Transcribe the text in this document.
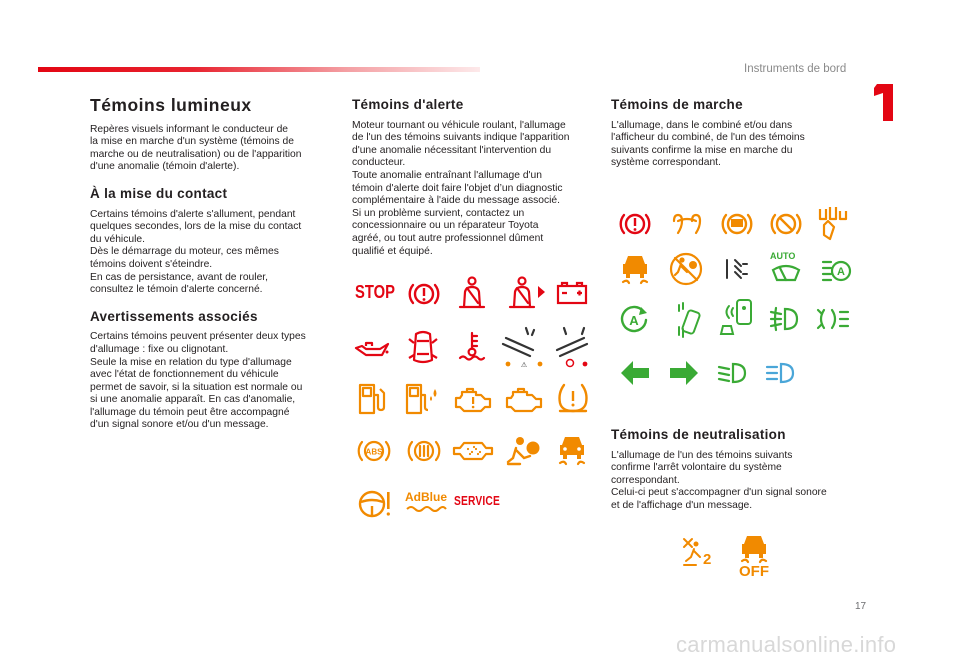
Instruments de bord
17
carmanualsonline.info
Témoins lumineux

Repères visuels informant le conducteur de
la mise en marche d'un système (témoins de
marche ou de neutralisation) ou de l'apparition
d'une anomalie (témoin d'alerte).

À la mise du contact

Certains témoins d'alerte s'allument, pendant
quelques secondes, lors de la mise du contact
du véhicule.
Dès le démarrage du moteur, ces mêmes
témoins doivent s'éteindre.
En cas de persistance, avant de rouler,
consultez le témoin d'alerte concerné.

Avertissements associés

Certains témoins peuvent présenter deux types
d'allumage : fixe ou clignotant.
Seule la mise en relation du type d'allumage
avec l'état de fonctionnement du véhicule
permet de savoir, si la situation est normale ou
si une anomalie apparaît. En cas d'anomalie,
l'allumage du témoin peut être accompagné
d'un signal sonore et/ou d'un message.

Témoins d'alerte

Moteur tournant ou véhicule roulant, l'allumage
de l'un des témoins suivants indique l'apparition
d'une anomalie nécessitant l'intervention du
conducteur.
Toute anomalie entraînant l'allumage d'un
témoin d'alerte doit faire l'objet d’un diagnostic
complémentaire à l'aide du message associé.
Si un problème survient, contactez un
concessionnaire ou un réparateur Toyota
agréé, ou tout autre professionnel dûment
qualifié et équipé.

Témoins de marche

L'allumage, dans le combiné et/ou dans
l'afficheur du combiné, de l'un des témoins
suivants confirme la mise en marche du
système correspondant.

Témoins de neutralisation

L'allumage de l'un des témoins suivants
confirme l'arrêt volontaire du système
correspondant.
Celui-ci peut s'accompagner d'un signal sonore
et de l'affichage d'un message.

STOP
⚠
ABS
AdBlue SERVICE
AUTO
A
A
2
OFF
